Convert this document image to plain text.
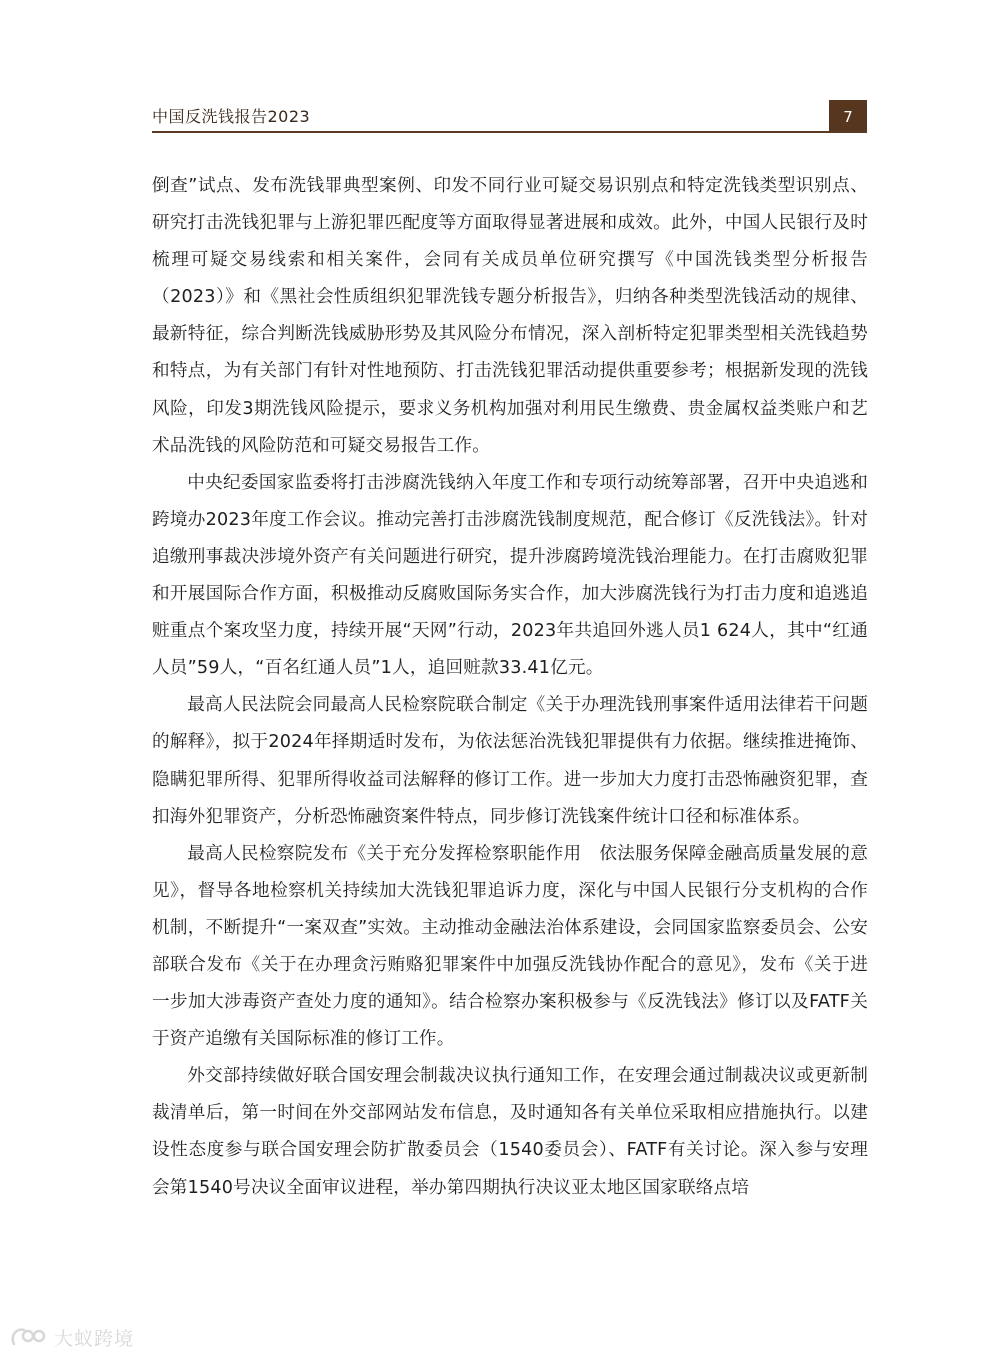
中国反洗钱报告2023	7

倒查”试点、发布洗钱罪典型案例、印发不同行业可疑交易识别点和特定洗钱类型识别点、研究打击洗钱犯罪与上游犯罪匹配度等方面取得显著进展和成效。此外，中国人民银行及时梳理可疑交易线索和相关案件，会同有关成员单位研究撰写《中国洗钱类型分析报告（2023）》和《黑社会性质组织犯罪洗钱专题分析报告》，归纳各种类型洗钱活动的规律、最新特征，综合判断洗钱威胁形势及其风险分布情况，深入剖析特定犯罪类型相关洗钱趋势和特点，为有关部门有针对性地预防、打击洗钱犯罪活动提供重要参考；根据新发现的洗钱风险，印发3期洗钱风险提示，要求义务机构加强对利用民生缴费、贵金属权益类账户和艺术品洗钱的风险防范和可疑交易报告工作。

中央纪委国家监委将打击涉腐洗钱纳入年度工作和专项行动统筹部署，召开中央追逃和跨境办2023年度工作会议。推动完善打击涉腐洗钱制度规范，配合修订《反洗钱法》。针对追缴刑事裁决涉境外资产有关问题进行研究，提升涉腐跨境洗钱治理能力。在打击腐败犯罪和开展国际合作方面，积极推动反腐败国际务实合作，加大涉腐洗钱行为打击力度和追逃追赃重点个案攻坚力度，持续开展“天网”行动，2023年共追回外逃人员1 624人，其中“红通人员”59人，“百名红通人员”1人，追回赃款33.41亿元。

最高人民法院会同最高人民检察院联合制定《关于办理洗钱刑事案件适用法律若干问题的解释》，拟于2024年择期适时发布，为依法惩治洗钱犯罪提供有力依据。继续推进掩饰、隐瞒犯罪所得、犯罪所得收益司法解释的修订工作。进一步加大力度打击恐怖融资犯罪，查扣海外犯罪资产，分析恐怖融资案件特点，同步修订洗钱案件统计口径和标准体系。

最高人民检察院发布《关于充分发挥检察职能作用　依法服务保障金融高质量发展的意见》，督导各地检察机关持续加大洗钱犯罪追诉力度，深化与中国人民银行分支机构的合作机制，不断提升“一案双查”实效。主动推动金融法治体系建设，会同国家监察委员会、公安部联合发布《关于在办理贪污贿赂犯罪案件中加强反洗钱协作配合的意见》，发布《关于进一步加大涉毒资产查处力度的通知》。结合检察办案积极参与《反洗钱法》修订以及FATF关于资产追缴有关国际标准的修订工作。

外交部持续做好联合国安理会制裁决议执行通知工作，在安理会通过制裁决议或更新制裁清单后，第一时间在外交部网站发布信息，及时通知各有关单位采取相应措施执行。以建设性态度参与联合国安理会防扩散委员会（1540委员会）、FATF有关讨论。深入参与安理会第1540号决议全面审议进程，举办第四期执行决议亚太地区国家联络点培

大蚁跨境
